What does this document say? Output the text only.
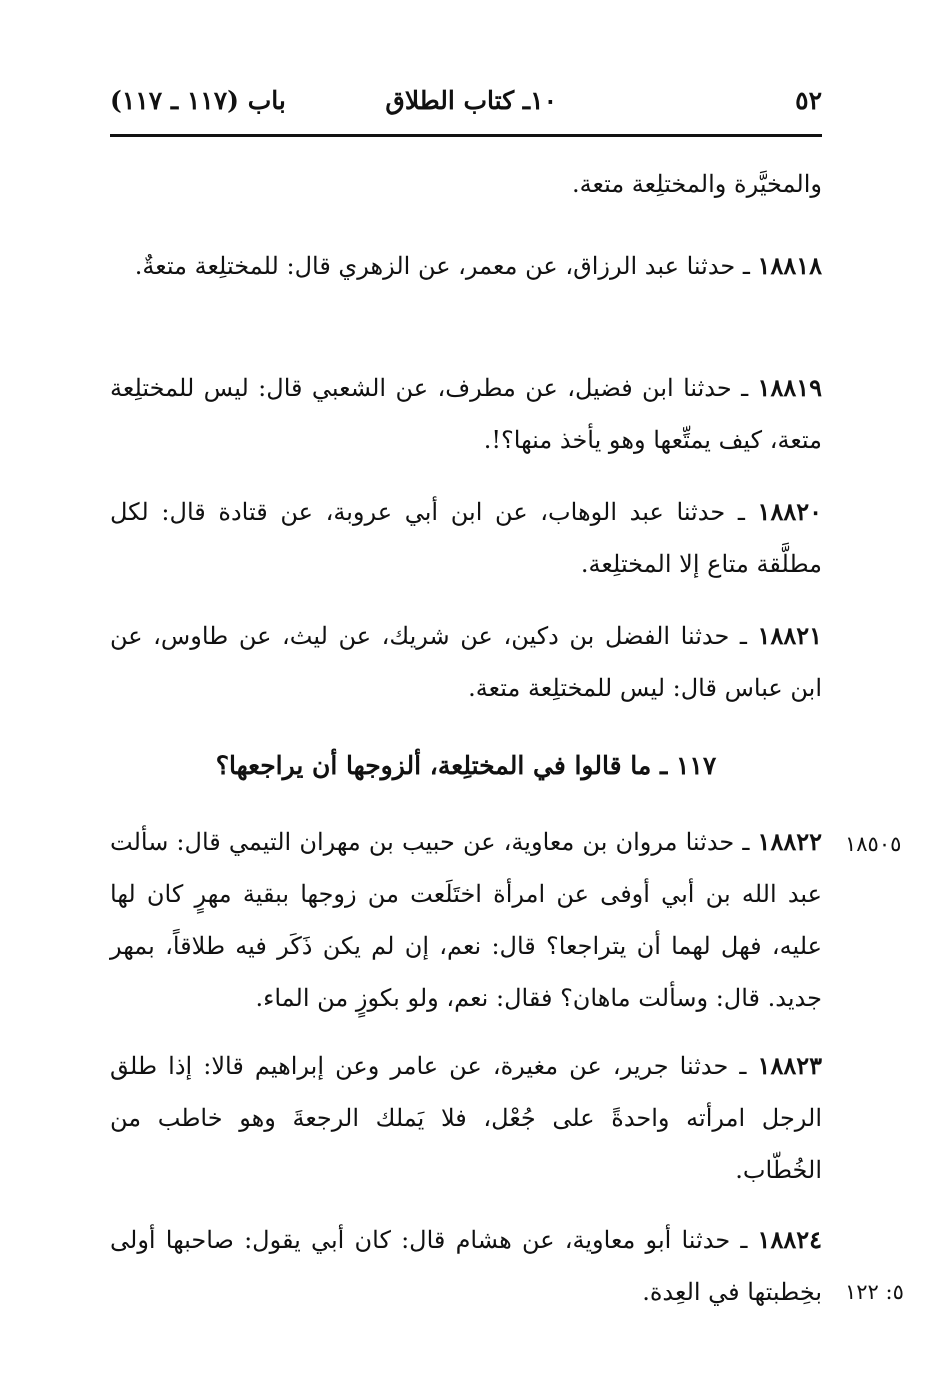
٥٢
١٠ـ كتاب الطلاق
باب (١١٧ ـ ١١٧)
والمخيَّرة والمختلِعة متعة.
١٨٨١٨ ـ حدثنا عبد الرزاق، عن معمر، عن الزهري قال: للمختلِعة متعةٌ.
١٨٨١٩ ـ حدثنا ابن فضيل، عن مطرف، عن الشعبي قال: ليس للمختلِعة متعة، كيف يمتِّعها وهو يأخذ منها؟!.
١٨٨٢٠ ـ حدثنا عبد الوهاب، عن ابن أبي عروبة، عن قتادة قال: لكل مطلَّقة متاع إلا المختلِعة.
١٨٨٢١ ـ حدثنا الفضل بن دكين، عن شريك، عن ليث، عن طاوس، عن ابن عباس قال: ليس للمختلِعة متعة.
١١٧ ـ ما قالوا في المختلِعة، ألزوجها أن يراجعها؟
١٨٨٢٢ ـ حدثنا مروان بن معاوية، عن حبيب بن مهران التيمي قال: سألت عبد الله بن أبي أوفى عن امرأة اختَلَعت من زوجها ببقية مهرٍ كان لها عليه، فهل لهما أن يتراجعا؟ قال: نعم، إن لم يكن ذَكَر فيه طلاقاً، بمهر جديد. قال: وسألت ماهان؟ فقال: نعم، ولو بكوزٍ من الماء.
١٨٥٠٥
١٨٨٢٣ ـ حدثنا جرير، عن مغيرة، عن عامر وعن إبراهيم قالا: إذا طلق الرجل امرأته واحدةً على جُعْل، فلا يَملك الرجعةَ وهو خاطب من الخُطّاب.
١٨٨٢٤ ـ حدثنا أبو معاوية، عن هشام قال: كان أبي يقول: صاحبها أولى بخِطبتها في العِدة. ٥: ١٢٢
